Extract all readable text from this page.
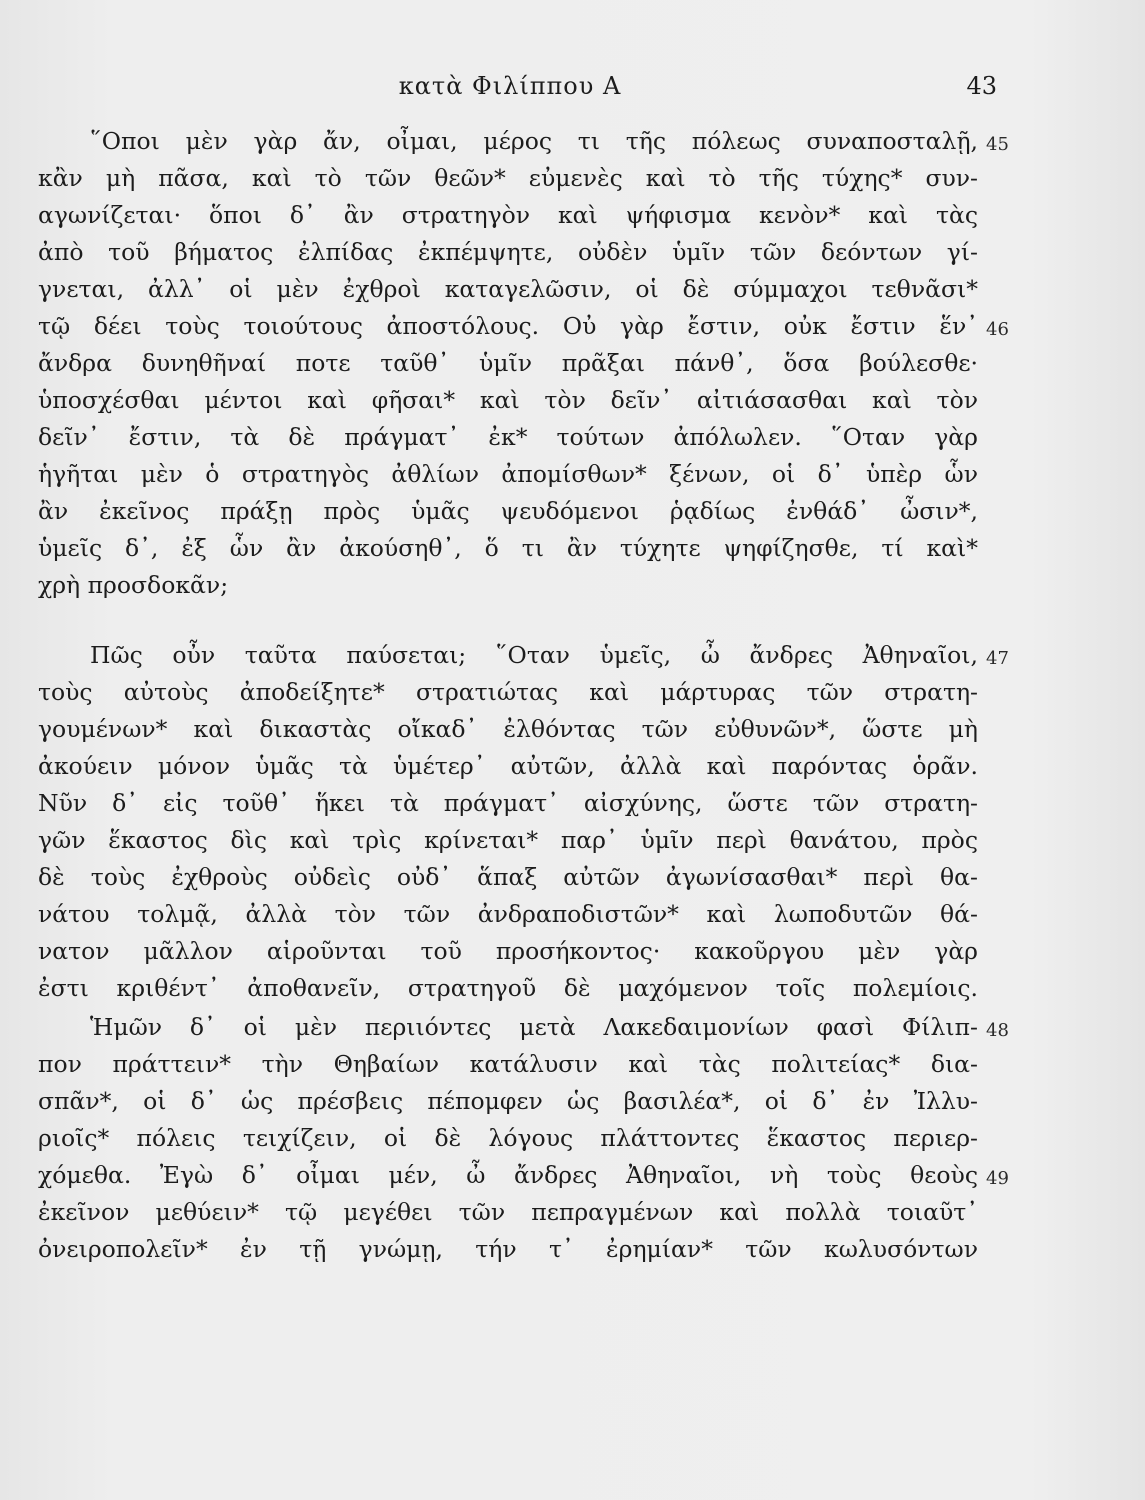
κατὰ Φιλίππου Α	43
῞Οποι μὲν γὰρ ἄν, οἶμαι, μέρος τι τῆς πόλεως συναποσταλῇ,
κἂν μὴ πᾶσα, καὶ τὸ τῶν θεῶν* εὐμενὲς καὶ τὸ τῆς τύχης* συν-
αγωνίζεται· ὅποι δ᾽ ἂν στρατηγὸν καὶ ψήφισμα κενὸν* καὶ τὰς
ἀπὸ τοῦ βήματος ἐλπίδας ἐκπέμψητε, οὐδὲν ὑμῖν τῶν δεόντων γί-
γνεται, ἀλλ᾽ οἱ μὲν ἐχθροὶ καταγελῶσιν, οἱ δὲ σύμμαχοι τεθνᾶσι*
τῷ δέει τοὺς τοιούτους ἀποστόλους. Οὐ γὰρ ἔστιν, οὐκ ἔστιν ἕν᾽
ἄνδρα δυνηθῆναί ποτε ταῦθ᾽ ὑμῖν πρᾶξαι πάνθ᾽, ὅσα βούλεσθε·
ὑποσχέσθαι μέντοι καὶ φῆσαι* καὶ τὸν δεῖν᾽ αἰτιάσασθαι καὶ τὸν
δεῖν᾽ ἔστιν, τὰ δὲ πράγματ᾽ ἐκ* τούτων ἀπόλωλεν. ῞Οταν γὰρ
ἡγῆται μὲν ὁ στρατηγὸς ἀθλίων ἀπομίσθων* ξένων, οἱ δ᾽ ὑπὲρ ὧν
ἂν ἐκεῖνος πράξῃ πρὸς ὑμᾶς ψευδόμενοι ῥᾳδίως ἐνθάδ᾽ ὦσιν*,
ὑμεῖς δ᾽, ἐξ ὧν ἂν ἀκούσηθ᾽, ὅ τι ἂν τύχητε ψηφίζησθε, τί καὶ*
χρὴ προσδοκᾶν;
Πῶς οὖν ταῦτα παύσεται; ῞Οταν ὑμεῖς, ὦ ἄνδρες Ἀθηναῖοι,
τοὺς αὐτοὺς ἀποδείξητε* στρατιώτας καὶ μάρτυρας τῶν στρατη-
γουμένων* καὶ δικαστὰς οἴκαδ᾽ ἐλθόντας τῶν εὐθυνῶν*, ὥστε μὴ
ἀκούειν μόνον ὑμᾶς τὰ ὑμέτερ᾽ αὐτῶν, ἀλλὰ καὶ παρόντας ὁρᾶν.
Νῦν δ᾽ εἰς τοῦθ᾽ ἥκει τὰ πράγματ᾽ αἰσχύνης, ὥστε τῶν στρατη-
γῶν ἕκαστος δὶς καὶ τρὶς κρίνεται* παρ᾽ ὑμῖν περὶ θανάτου, πρὸς
δὲ τοὺς ἐχθροὺς οὐδεὶς οὐδ᾽ ἅπαξ αὐτῶν ἀγωνίσασθαι* περὶ θα-
νάτου τολμᾷ, ἀλλὰ τὸν τῶν ἀνδραποδιστῶν* καὶ λωποδυτῶν θά-
νατον μᾶλλον αἱροῦνται τοῦ προσήκοντος· κακοῦργου μὲν γὰρ
ἐστι κριθέντ᾽ ἀποθανεῖν, στρατηγοῦ δὲ μαχόμενον τοῖς πολεμίοις.
Ἡμῶν δ᾽ οἱ μὲν περιιόντες μετὰ Λακεδαιμονίων φασὶ Φίλιπ-
πον πράττειν* τὴν Θηβαίων κατάλυσιν καὶ τὰς πολιτείας* δια-
σπᾶν*, οἱ δ᾽ ὡς πρέσβεις πέπομφεν ὡς βασιλέα*, οἱ δ᾽ ἐν Ἰλλυ-
ριοῖς* πόλεις τειχίζειν, οἱ δὲ λόγους πλάττοντες ἕκαστος περιερ-
χόμεθα. Ἐγὼ δ᾽ οἶμαι μέν, ὦ ἄνδρες Ἀθηναῖοι, νὴ τοὺς θεοὺς
ἐκεῖνον μεθύειν* τῷ μεγέθει τῶν πεπραγμένων καὶ πολλὰ τοιαῦτ᾽
ὀνειροπολεῖν* ἐν τῇ γνώμῃ, τήν τ᾽ ἐρημίαν* τῶν κωλυσόντων
45
46
47
48
49
